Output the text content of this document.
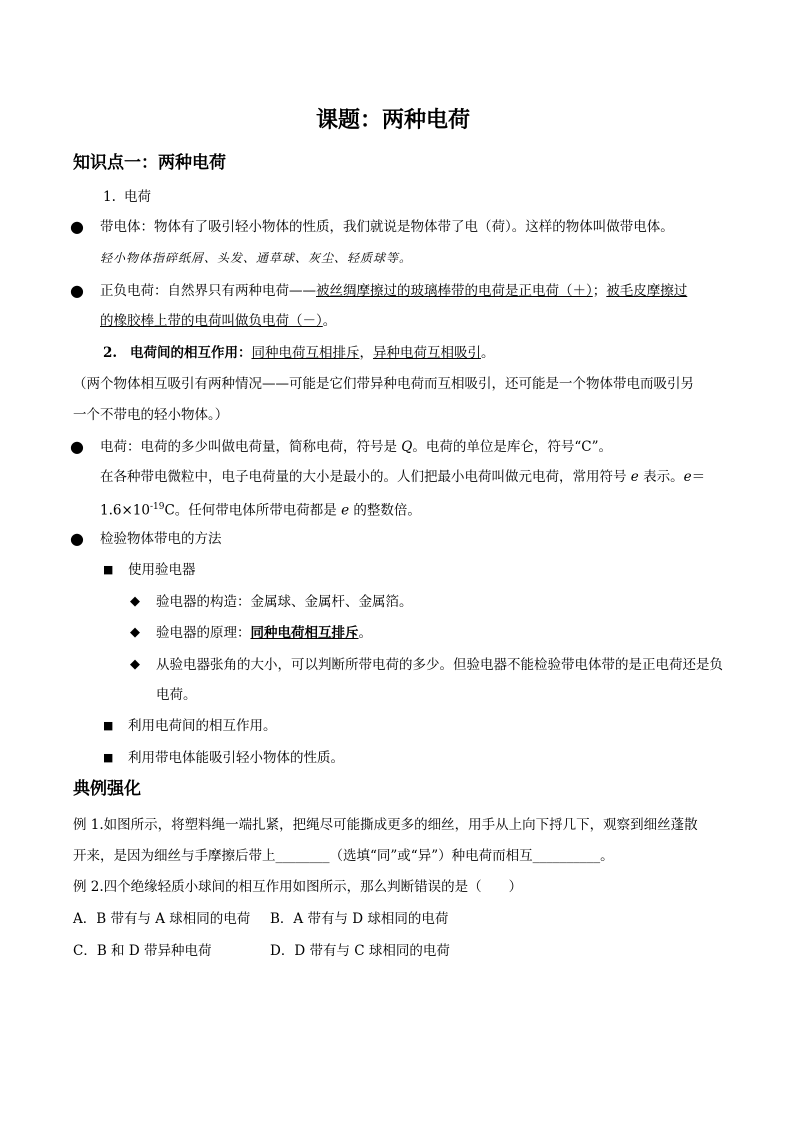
课题：两种电荷
知识点一：两种电荷
1. 电荷
● 带电体：物体有了吸引轻小物体的性质，我们就说是物体带了电（荷）。这样的物体叫做带电体。
轻小物体指碎纸屑、头发、通草球、灰尘、轻质球等。
● 正负电荷：自然界只有两种电荷——被丝绸摩擦过的玻璃棒带的电荷是正电荷（＋）；被毛皮摩擦过
的橡胶棒上带的电荷叫做负电荷（－）。
2. 电荷间的相互作用：同种电荷互相排斥，异种电荷互相吸引。
（两个物体相互吸引有两种情况——可能是它们带异种电荷而互相吸引，还可能是一个物体带电而吸引另
一个不带电的轻小物体。）
● 电荷：电荷的多少叫做电荷量，简称电荷，符号是 Q。电荷的单位是库仑，符号“C”。
在各种带电微粒中，电子电荷量的大小是最小的。人们把最小电荷叫做元电荷，常用符号 e 表示。e＝
$1.6\times 10^{-19}C$。任何带电体所带电荷都是 e 的整数倍。
● 检验物体带电的方法
■ 使用验电器
◆ 验电器的构造：金属球、金属杆、金属箔。
◆ 验电器的原理：同种电荷相互排斥。
◆ 从验电器张角的大小，可以判断所带电荷的多少。但验电器不能检验带电体带的是正电荷还是负
电荷。
■ 利用电荷间的相互作用。
■ 利用带电体能吸引轻小物体的性质。
典例强化
例 1.如图所示，将塑料绳一端扎紧，把绳尽可能撕成更多的细丝，用手从上向下捋几下，观察到细丝蓬散
开来，是因为细丝与手摩擦后带上________（选填“同”或“异”）种电荷而相互__________。
例 2.四个绝缘轻质小球间的相互作用如图所示，那么判断错误的是（　　）
A．B 带有与 A 球相同的电荷 B．A 带有与 D 球相同的电荷
C．B 和 D 带异种电荷	D．D 带有与 C 球相同的电荷
